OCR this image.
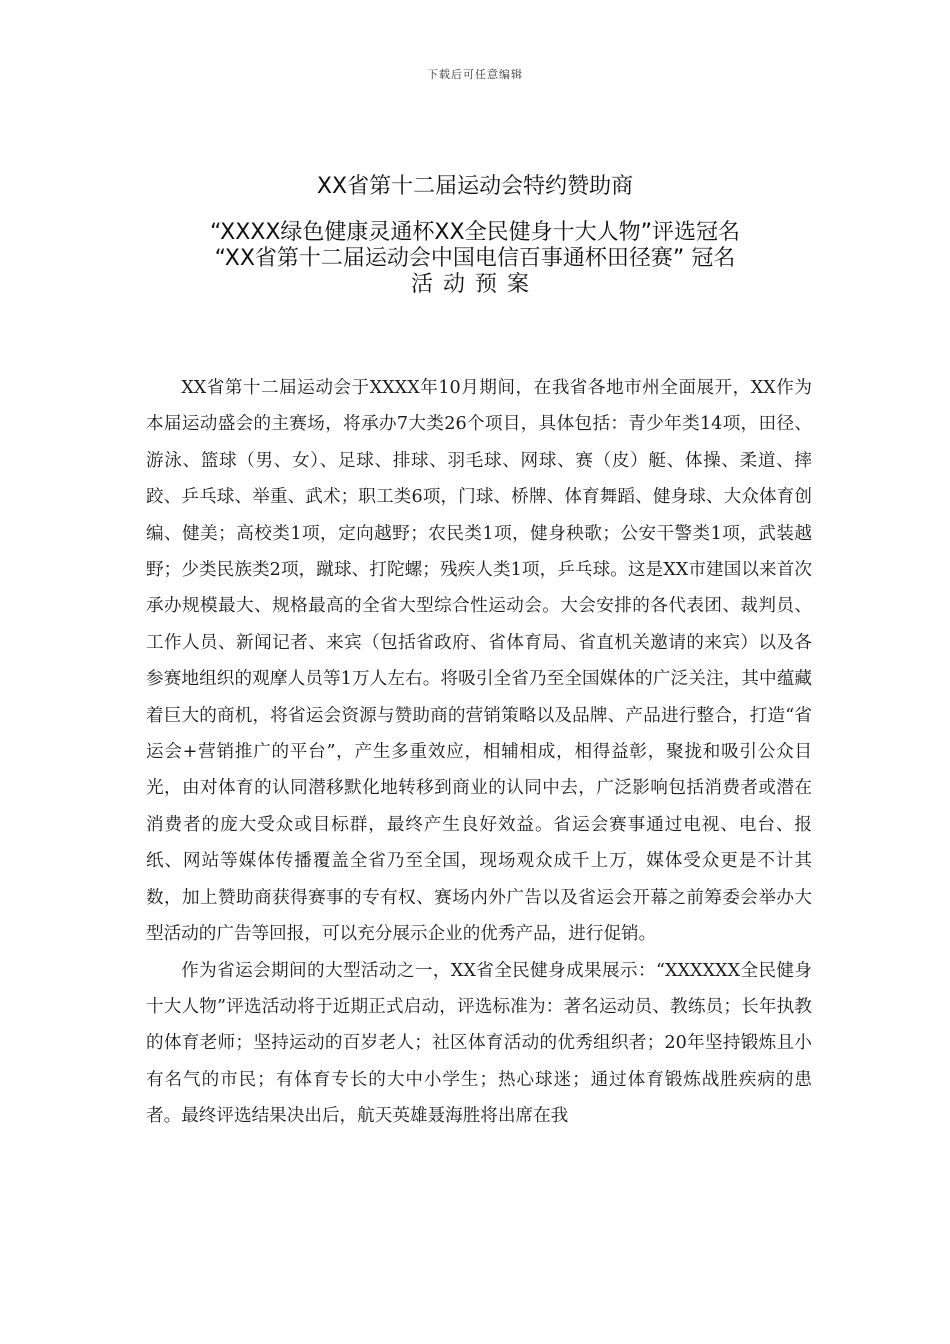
下载后可任意编辑
XX省第十二届运动会特约赞助商
“XXXX绿色健康灵通杯XX全民健身十大人物”评选冠名
“XX省第十二届运动会中国电信百事通杯田径赛” 冠名
活动预案

XX省第十二届运动会于XXXX年10月期间，在我省各地市州全面展开，XX作为本届运动盛会的主赛场，将承办7大类26个项目，具体包括：青少年类14项，田径、游泳、篮球（男、女）、足球、排球、羽毛球、网球、赛（皮）艇、体操、柔道、摔跤、乒乓球、举重、武术；职工类6项，门球、桥牌、体育舞蹈、健身球、大众体育创编、健美；高校类1项，定向越野；农民类1项，健身秧歌；公安干警类1项，武装越野；少类民族类2项，蹴球、打陀螺；残疾人类1项，乒乓球。这是XX市建国以来首次承办规模最大、规格最高的全省大型综合性运动会。大会安排的各代表团、裁判员、工作人员、新闻记者、来宾（包括省政府、省体育局、省直机关邀请的来宾）以及各参赛地组织的观摩人员等1万人左右。将吸引全省乃至全国媒体的广泛关注，其中蕴藏着巨大的商机，将省运会资源与赞助商的营销策略以及品牌、产品进行整合，打造“省运会+营销推广的平台”，产生多重效应，相辅相成，相得益彰，聚拢和吸引公众目光，由对体育的认同潜移默化地转移到商业的认同中去，广泛影响包括消费者或潜在消费者的庞大受众或目标群，最终产生良好效益。省运会赛事通过电视、电台、报纸、网站等媒体传播覆盖全省乃至全国，现场观众成千上万，媒体受众更是不计其数，加上赞助商获得赛事的专有权、赛场内外广告以及省运会开幕之前筹委会举办大型活动的广告等回报，可以充分展示企业的优秀产品，进行促销。

作为省运会期间的大型活动之一，XX省全民健身成果展示：“XXXXXX全民健身十大人物”评选活动将于近期正式启动，评选标准为：著名运动员、教练员；长年执教的体育老师；坚持运动的百岁老人；社区体育活动的优秀组织者；20年坚持锻炼且小有名气的市民；有体育专长的大中小学生；热心球迷；通过体育锻炼战胜疾病的患者。最终评选结果决出后，航天英雄聂海胜将出席在我
